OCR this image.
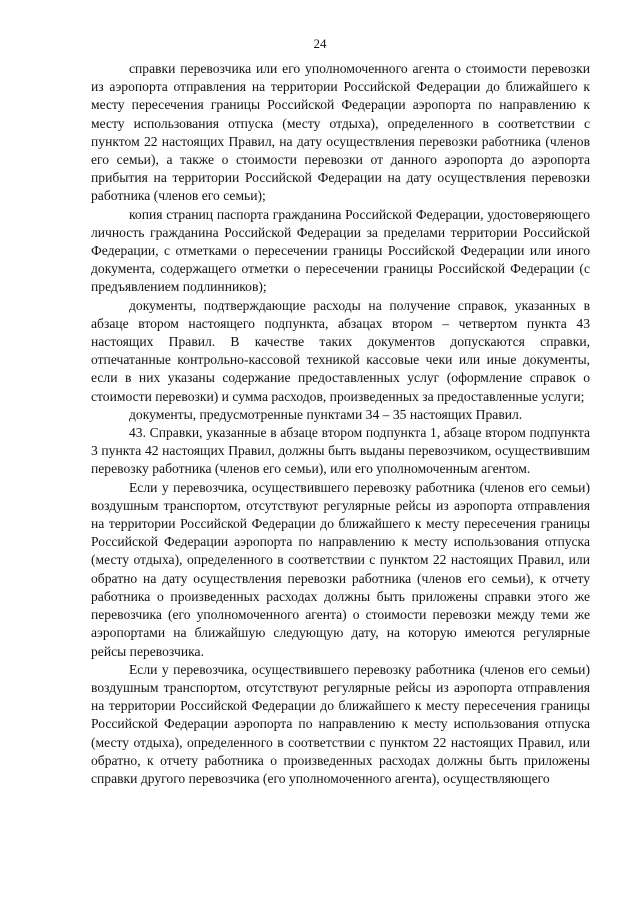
24

справки перевозчика или его уполномоченного агента о стоимости перевозки из аэропорта отправления на территории Российской Федерации до ближайшего к месту пересечения границы Российской Федерации аэропорта по направлению к месту использования отпуска (месту отдыха), определенного в соответствии с пунктом 22 настоящих Правил, на дату осуществления перевозки работника (членов его семьи), а также о стоимости перевозки от данного аэропорта до аэропорта прибытия на территории Российской Федерации на дату осуществления перевозки работника (членов его семьи);

копия страниц паспорта гражданина Российской Федерации, удостоверяющего личность гражданина Российской Федерации за пределами территории Российской Федерации, с отметками о пересечении границы Российской Федерации или иного документа, содержащего отметки о пересечении границы Российской Федерации (с предъявлением подлинников);

документы, подтверждающие расходы на получение справок, указанных в абзаце втором настоящего подпункта, абзацах втором – четвертом пункта 43 настоящих Правил. В качестве таких документов допускаются справки, отпечатанные контрольно-кассовой техникой кассовые чеки или иные документы, если в них указаны содержание предоставленных услуг (оформление справок о стоимости перевозки) и сумма расходов, произведенных за предоставленные услуги;

документы, предусмотренные пунктами 34 – 35 настоящих Правил.

43. Справки, указанные в абзаце втором подпункта 1, абзаце втором подпункта 3 пункта 42 настоящих Правил, должны быть выданы перевозчиком, осуществившим перевозку работника (членов его семьи), или его уполномоченным агентом.

Если у перевозчика, осуществившего перевозку работника (членов его семьи) воздушным транспортом, отсутствуют регулярные рейсы из аэропорта отправления на территории Российской Федерации до ближайшего к месту пересечения границы Российской Федерации аэропорта по направлению к месту использования отпуска (месту отдыха), определенного в соответствии с пунктом 22 настоящих Правил, или обратно на дату осуществления перевозки работника (членов его семьи), к отчету работника о произведенных расходах должны быть приложены справки этого же перевозчика (его уполномоченного агента) о стоимости перевозки между теми же аэропортами на ближайшую следующую дату, на которую имеются регулярные рейсы перевозчика.

Если у перевозчика, осуществившего перевозку работника (членов его семьи) воздушным транспортом, отсутствуют регулярные рейсы из аэропорта отправления на территории Российской Федерации до ближайшего к месту пересечения границы Российской Федерации аэропорта по направлению к месту использования отпуска (месту отдыха), определенного в соответствии с пунктом 22 настоящих Правил, или обратно, к отчету работника о произведенных расходах должны быть приложены справки другого перевозчика (его уполномоченного агента), осуществляющего
